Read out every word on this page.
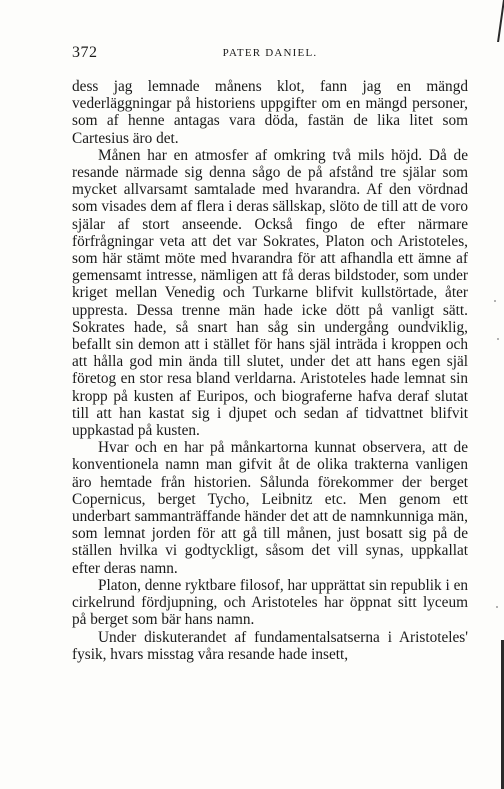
372	PATER DANIEL.

dess jag lemnade månens klot, fann jag en mängd vederläggningar på historiens uppgifter om en mängd personer, som af henne antagas vara döda, fastän de lika litet som Cartesius äro det.

Månen har en atmosfer af omkring två mils höjd. Då de resande närmade sig denna sågo de på afstånd tre själar som mycket allvarsamt samtalade med hvarandra. Af den vördnad som visades dem af flera i deras sällskap, slöto de till att de voro själar af stort anseende. Också fingo de efter närmare förfrågningar veta att det var Sokrates, Platon och Aristoteles, som här stämt möte med hvarandra för att afhandla ett ämne af gemensamt intresse, nämligen att få deras bildstoder, som under kriget mellan Venedig och Turkarne blifvit kullstörtade, åter uppresta. Dessa trenne män hade icke dött på vanligt sätt. Sokrates hade, så snart han såg sin undergång oundviklig, befallt sin demon att i stället för hans själ inträda i kroppen och att hålla god min ända till slutet, under det att hans egen själ företog en stor resa bland verldarna. Aristoteles hade lemnat sin kropp på kusten af Euripos, och biograferne hafva deraf slutat till att han kastat sig i djupet och sedan af tidvattnet blifvit uppkastad på kusten.

Hvar och en har på månkartorna kunnat observera, att de konventionela namn man gifvit åt de olika trakterna vanligen äro hemtade från historien. Sålunda förekommer der berget Copernicus, berget Tycho, Leibnitz etc. Men genom ett underbart sammanträffande händer det att de namnkunniga män, som lemnat jorden för att gå till månen, just bosatt sig på de ställen hvilka vi godtyckligt, såsom det vill synas, uppkallat efter deras namn.

Platon, denne ryktbare filosof, har upprättat sin republik i en cirkelrund fördjupning, och Aristoteles har öppnat sitt lyceum på berget som bär hans namn.

Under diskuterandet af fundamentalsatserna i Aristoteles' fysik, hvars misstag våra resande hade insett,
